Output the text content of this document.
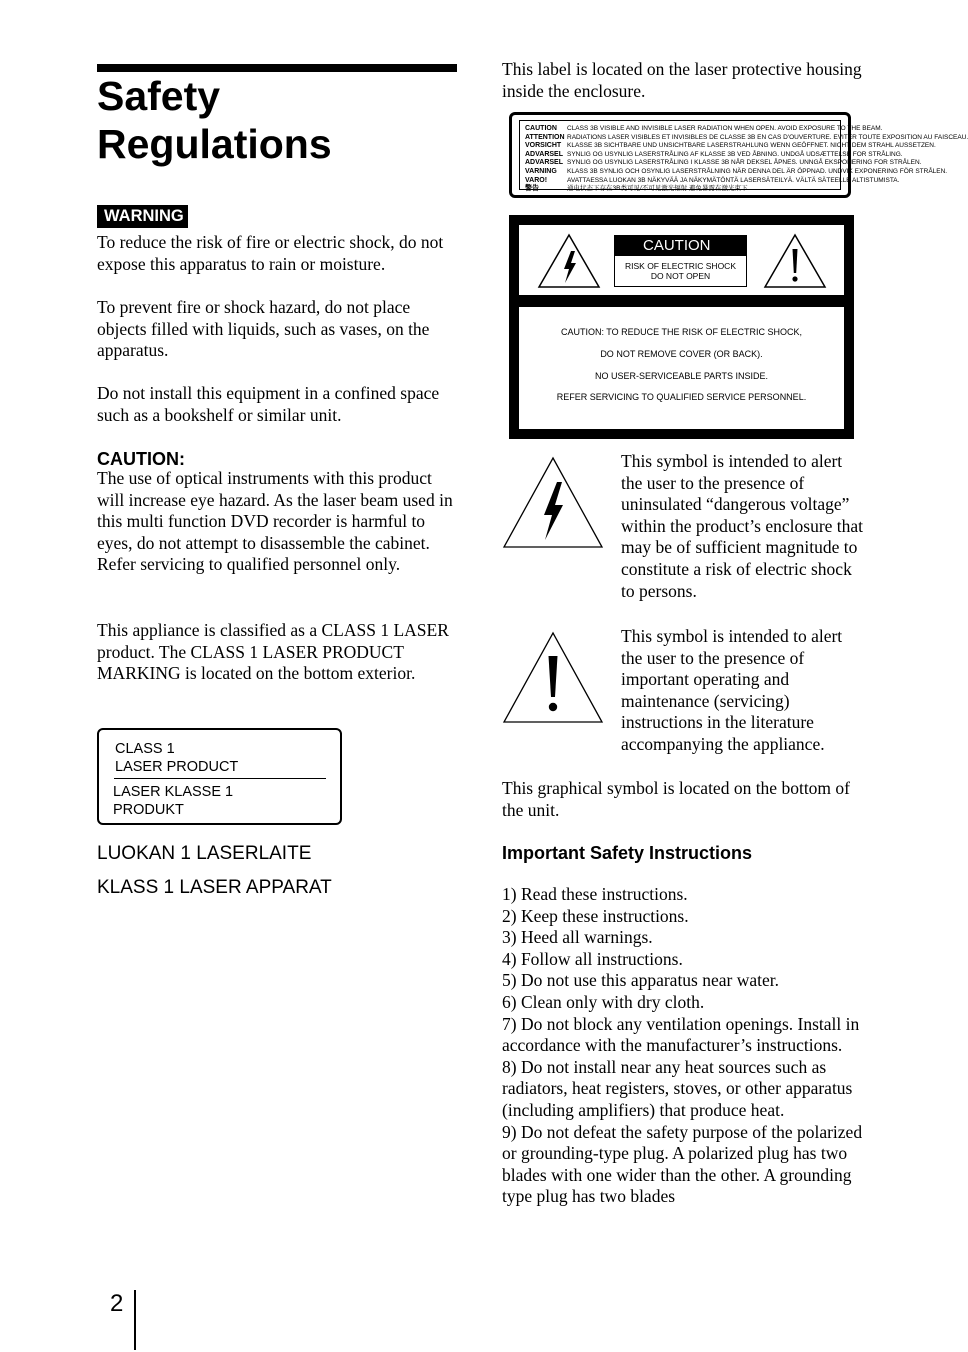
Safety
Regulations
WARNING

To reduce the risk of fire or electric shock, do not expose this apparatus to rain or moisture.

To prevent fire or shock hazard, do not place objects filled with liquids, such as vases, on the apparatus.

Do not install this equipment in a confined space such as a bookshelf or similar unit.

CAUTION:

The use of optical instruments with this product will increase eye hazard. As the laser beam used in this multi function DVD recorder is harmful to eyes, do not attempt to disassemble the cabinet. Refer servicing to qualified personnel only.

This appliance is classified as a CLASS 1 LASER product. The CLASS 1 LASER PRODUCT MARKING is located on the bottom exterior.

CLASS 1
LASER PRODUCT
LASER KLASSE 1
PRODUKT
LUOKAN 1 LASERLAITE
KLASS 1 LASER APPARAT

This label is located on the laser protective housing inside the enclosure.

CAUTION CLASS 3B VISIBLE AND INVISIBLE LASER RADIATION WHEN OPEN. AVOID EXPOSURE TO THE BEAM.
ATTENTION RADIATIONS LASER VISIBLES ET INVISIBLES DE CLASSE 3B EN CAS D'OUVERTURE. EVITER TOUTE EXPOSITION AU FAISCEAU.
VORSICHT KLASSE 3B SICHTBARE UND UNSICHTBARE LASERSTRAHLUNG WENN GEÖFFNET. NICHT DEM STRAHL AUSSETZEN.
ADVARSEL SYNLIG OG USYNLIG LASERSTRÅLING AF KLASSE 3B VED ÅBNING. UNDGÅ UDSÆTTELSE FOR STRÅLING.
ADVARSEL SYNLIG OG USYNLIG LASERSTRÅLING I KLASSE 3B NÅR DEKSEL ÅPNES. UNNGÅ EKSPONERING FOR STRÅLEN.
VARNING KLASS 3B SYNLIG OCH OSYNLIG LASERSTRÅLNING NÄR DENNA DEL ÄR ÖPPNAD. UNDVIK EXPONERING FÖR STRÅLEN.
VARO!	AVATTAESSA LUOKAN 3B NÄKYVÄÄ JA NÄKYMÄTÖNTÄ LASERSÄTEILYÄ. VÄLTÄ SÄTEELLE ALTISTUMISTA.
警告	通电状态下存在3B类可见/不可见激光辐射 避免暴露在激光束下
CAUTION
RISK OF ELECTRIC SHOCK
DO NOT OPEN
CAUTION: TO REDUCE THE RISK OF ELECTRIC SHOCK,
DO NOT REMOVE COVER (OR BACK).
NO USER-SERVICEABLE PARTS INSIDE.
REFER SERVICING TO QUALIFIED SERVICE PERSONNEL.

This symbol is intended to alert the user to the presence of uninsulated “dangerous voltage” within the product’s enclosure that may be of sufficient magnitude to constitute a risk of electric shock to persons.

This symbol is intended to alert the user to the presence of important operating and maintenance (servicing) instructions in the literature accompanying the appliance.

This graphical symbol is located on the bottom of the unit.

Important Safety Instructions

1) Read these instructions.

2) Keep these instructions.

3) Heed all warnings.

4) Follow all instructions.

5) Do not use this apparatus near water.

6) Clean only with dry cloth.

7) Do not block any ventilation openings. Install in accordance with the manufacturer’s instructions.

8) Do not install near any heat sources such as radiators, heat registers, stoves, or other apparatus (including amplifiers) that produce heat.

9) Do not defeat the safety purpose of the polarized or grounding-type plug. A polarized plug has two blades with one wider than the other. A grounding type plug has two blades

2
